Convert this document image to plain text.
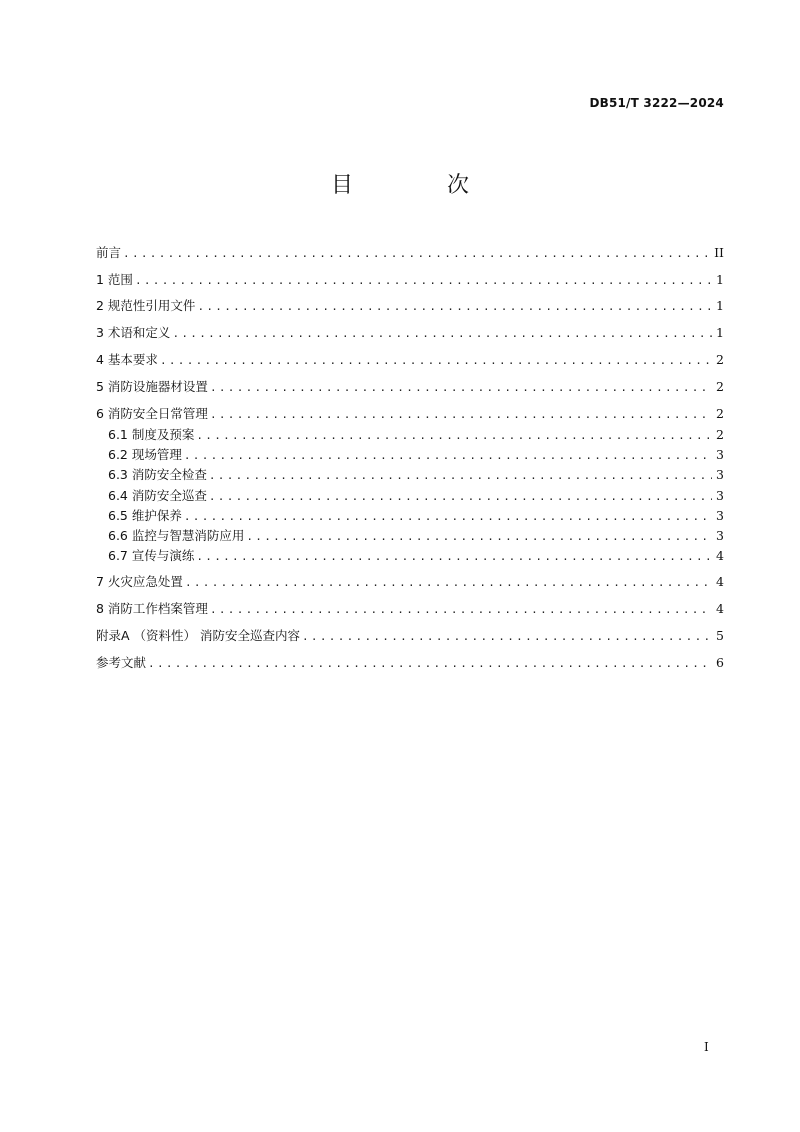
DB51/T 3222—2024
目　次
前言 .....	II
1 范围 .....	1
2 规范性引用文件 .....	1
3 术语和定义 .....	1
4 基本要求 .....	2
5 消防设施器材设置 .....	2
6 消防安全日常管理 .....	2
6.1 制度及预案 .....	2
6.2 现场管理 .....	3
6.3 消防安全检查 .....	3
6.4 消防安全巡查 .....	3
6.5 维护保养 .....	3
6.6 监控与智慧消防应用 .....	3
6.7 宣传与演练 .....	4
7 火灾应急处置 .....	4
8 消防工作档案管理 .....	4
附录A （资料性） 消防安全巡查内容 .....	5
参考文献 .....	6
I
